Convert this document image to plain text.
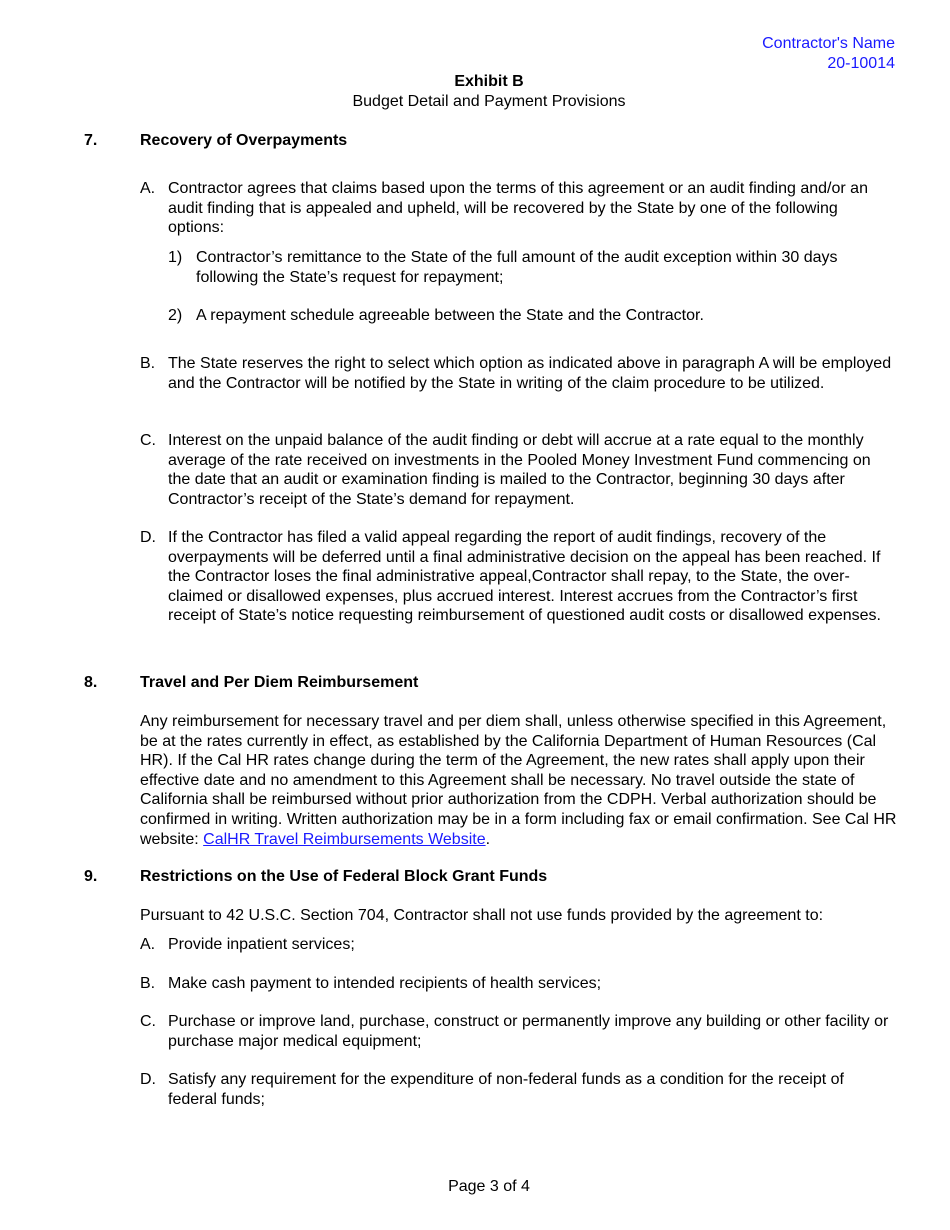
Contractor's Name
20-10014
Exhibit B
Budget Detail and Payment Provisions
7.	Recovery of Overpayments
A. Contractor agrees that claims based upon the terms of this agreement or an audit finding and/or an audit finding that is appealed and upheld, will be recovered by the State by one of the following options:
1) Contractor’s remittance to the State of the full amount of the audit exception within 30 days following the State’s request for repayment;
2) A repayment schedule agreeable between the State and the Contractor.
B. The State reserves the right to select which option as indicated above in paragraph A will be employed and the Contractor will be notified by the State in writing of the claim procedure to be utilized.
C. Interest on the unpaid balance of the audit finding or debt will accrue at a rate equal to the monthly average of the rate received on investments in the Pooled Money Investment Fund commencing on the date that an audit or examination finding is mailed to the Contractor, beginning 30 days after Contractor’s receipt of the State’s demand for repayment.
D. If the Contractor has filed a valid appeal regarding the report of audit findings, recovery of the overpayments will be deferred until a final administrative decision on the appeal has been reached. If the Contractor loses the final administrative appeal,Contractor shall repay, to the State, the over-claimed or disallowed expenses, plus accrued interest. Interest accrues from the Contractor’s first receipt of State’s notice requesting reimbursement of questioned audit costs or disallowed expenses.
8.	Travel and Per Diem Reimbursement
Any reimbursement for necessary travel and per diem shall, unless otherwise specified in this Agreement, be at the rates currently in effect, as established by the California Department of Human Resources (Cal HR). If the Cal HR rates change during the term of the Agreement, the new rates shall apply upon their effective date and no amendment to this Agreement shall be necessary. No travel outside the state of California shall be reimbursed without prior authorization from the CDPH. Verbal authorization should be confirmed in writing. Written authorization may be in a form including fax or email confirmation. See Cal HR website: CalHR Travel Reimbursements Website.
9.	Restrictions on the Use of Federal Block Grant Funds
Pursuant to 42 U.S.C. Section 704, Contractor shall not use funds provided by the agreement to:
A. Provide inpatient services;
B. Make cash payment to intended recipients of health services;
C. Purchase or improve land, purchase, construct or permanently improve any building or other facility or purchase major medical equipment;
D. Satisfy any requirement for the expenditure of non-federal funds as a condition for the receipt of federal funds;
Page 3 of 4
